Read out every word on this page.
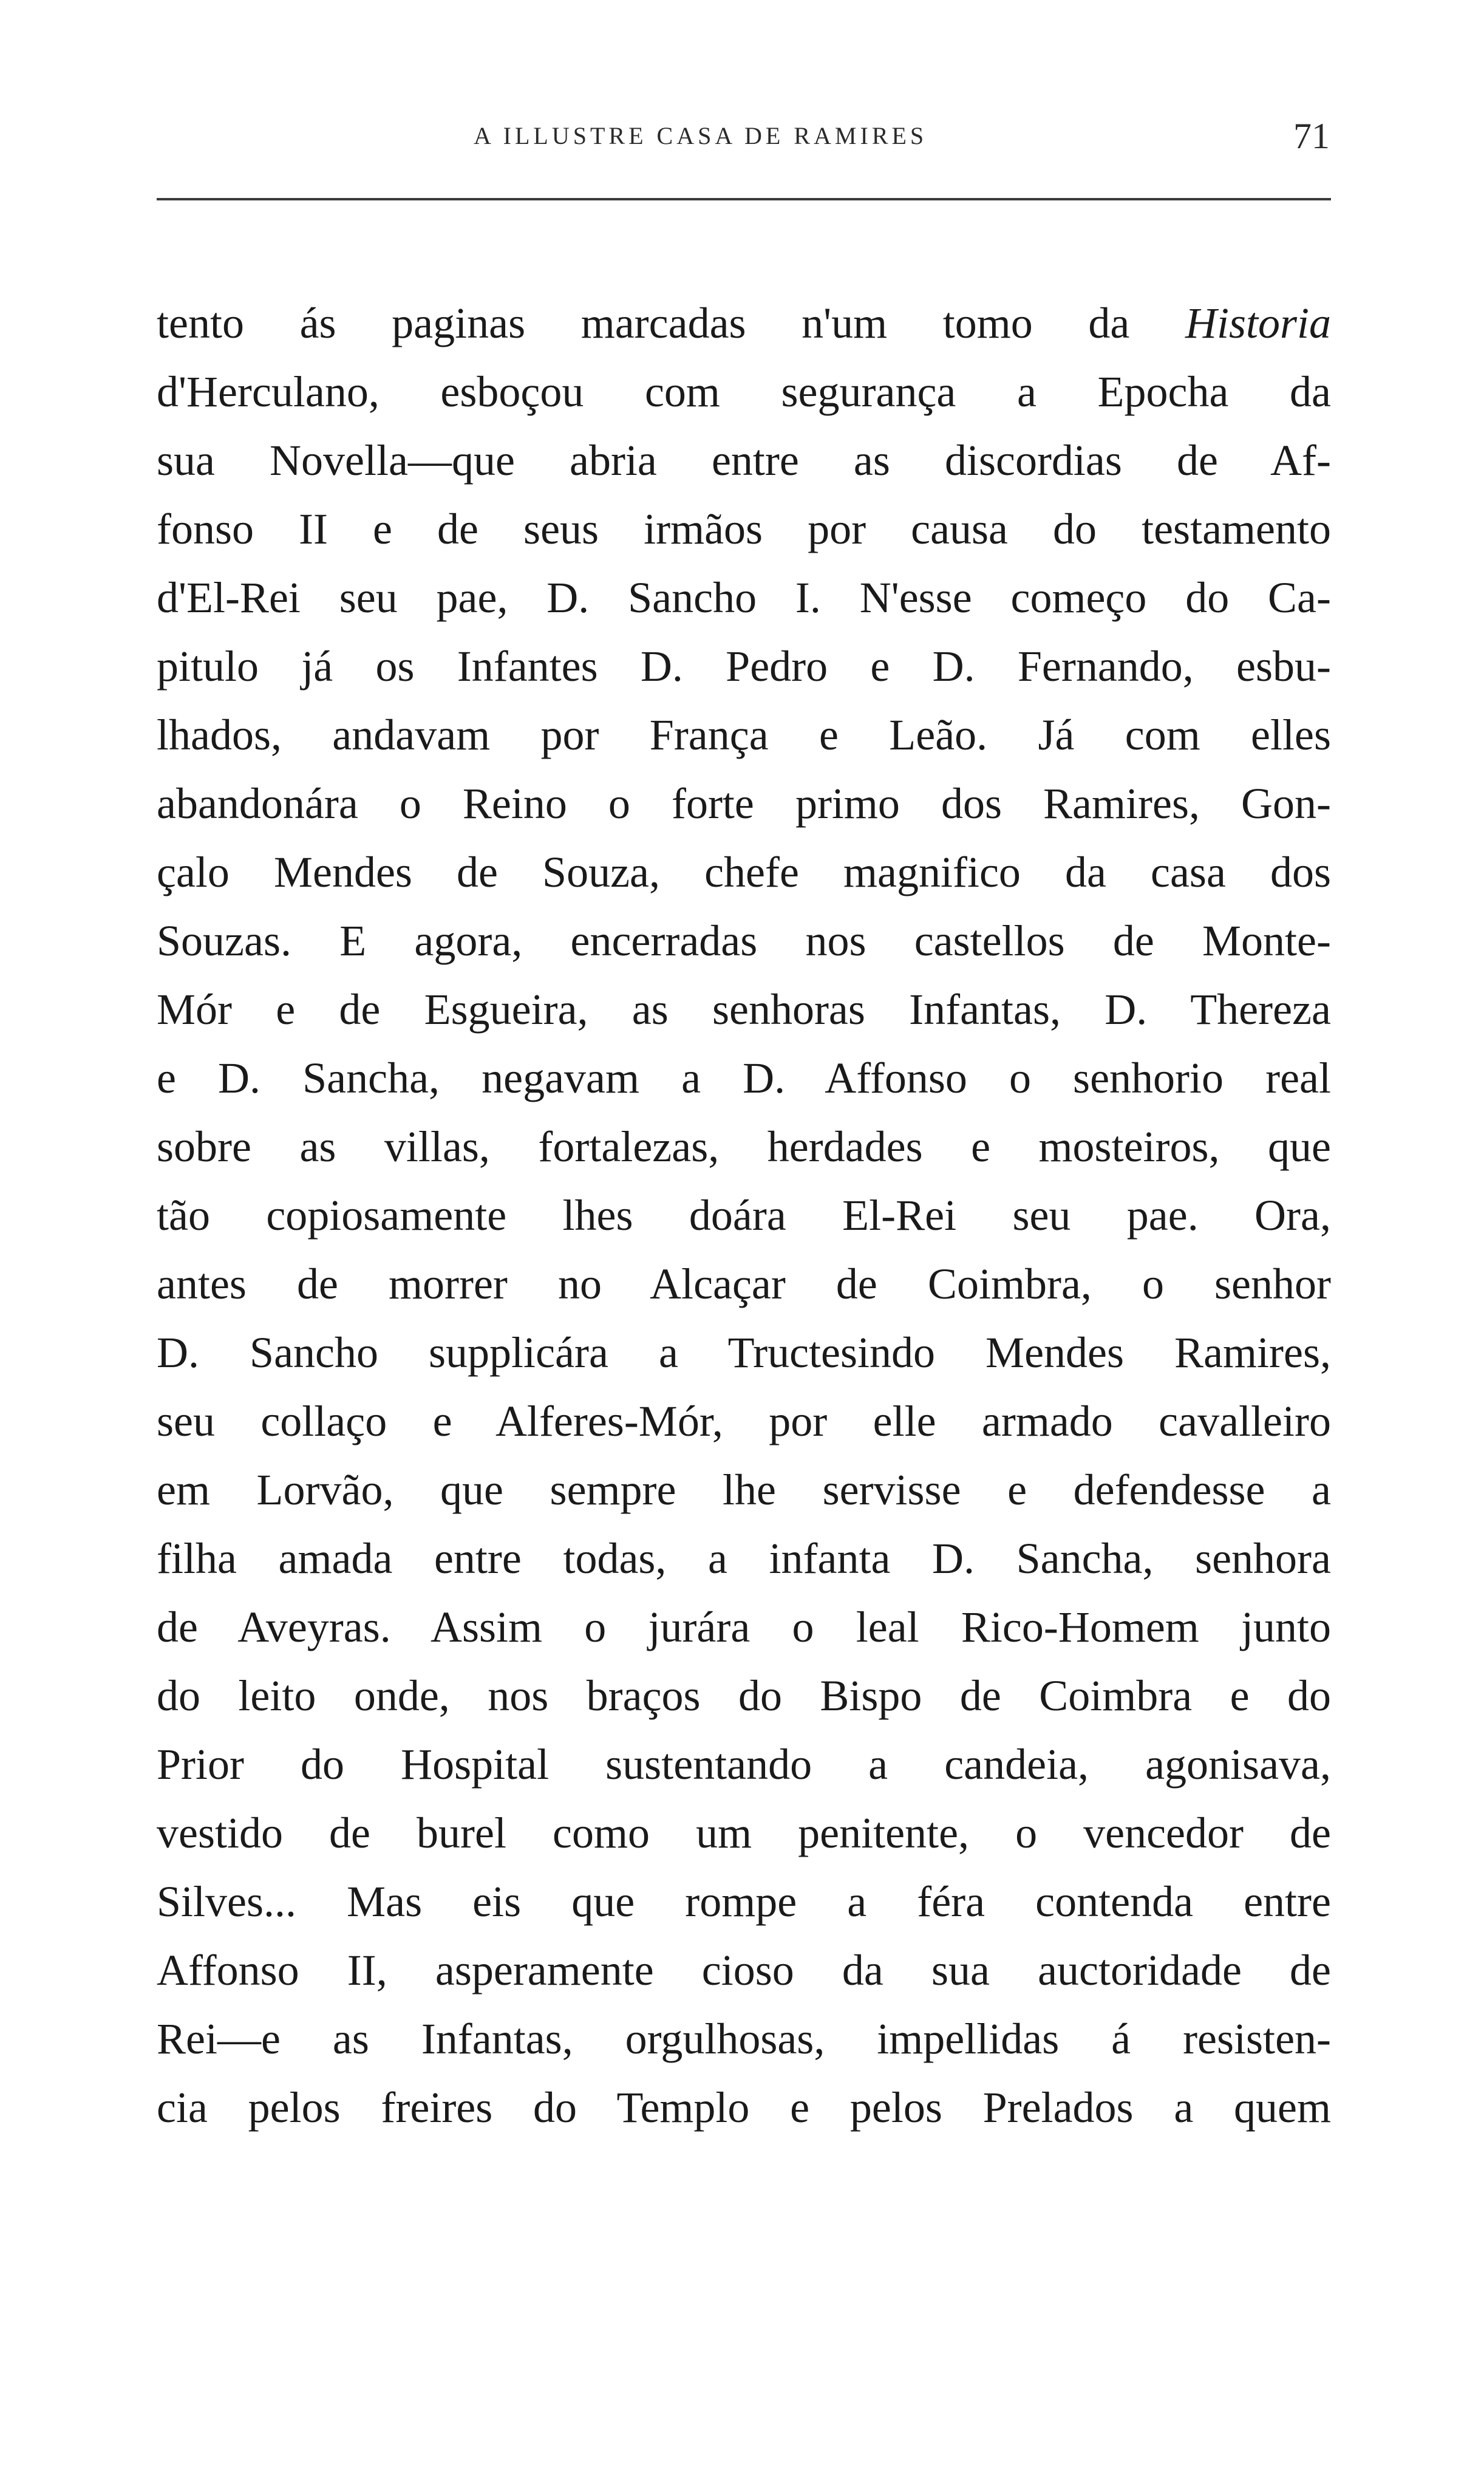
A ILLUSTRE CASA DE RAMIRES	71
tento ás paginas marcadas n'um tomo da Historia
d'Herculano, esboçou com segurança a Epocha da
sua Novella—que abria entre as discordias de Af-
fonso II e de seus irmãos por causa do testamento
d'El-Rei seu pae, D. Sancho I. N'esse começo do Ca-
pitulo já os Infantes D. Pedro e D. Fernando, esbu-
lhados, andavam por França e Leão. Já com elles
abandonára o Reino o forte primo dos Ramires, Gon-
çalo Mendes de Souza, chefe magnifico da casa dos
Souzas. E agora, encerradas nos castellos de Monte-
Mór e de Esgueira, as senhoras Infantas, D. Thereza
e D. Sancha, negavam a D. Affonso o senhorio real
sobre as villas, fortalezas, herdades e mosteiros, que
tão copiosamente lhes doára El-Rei seu pae. Ora,
antes de morrer no Alcaçar de Coimbra, o senhor
D. Sancho supplicára a Tructesindo Mendes Ramires,
seu collaço e Alferes-Mór, por elle armado cavalleiro
em Lorvão, que sempre lhe servisse e defendesse a
filha amada entre todas, a infanta D. Sancha, senhora
de Aveyras. Assim o jurára o leal Rico-Homem junto
do leito onde, nos braços do Bispo de Coimbra e do
Prior do Hospital sustentando a candeia, agonisava,
vestido de burel como um penitente, o vencedor de
Silves... Mas eis que rompe a féra contenda entre
Affonso II, asperamente cioso da sua auctoridade de
Rei—e as Infantas, orgulhosas, impellidas á resisten-
cia pelos freires do Templo e pelos Prelados a quem
